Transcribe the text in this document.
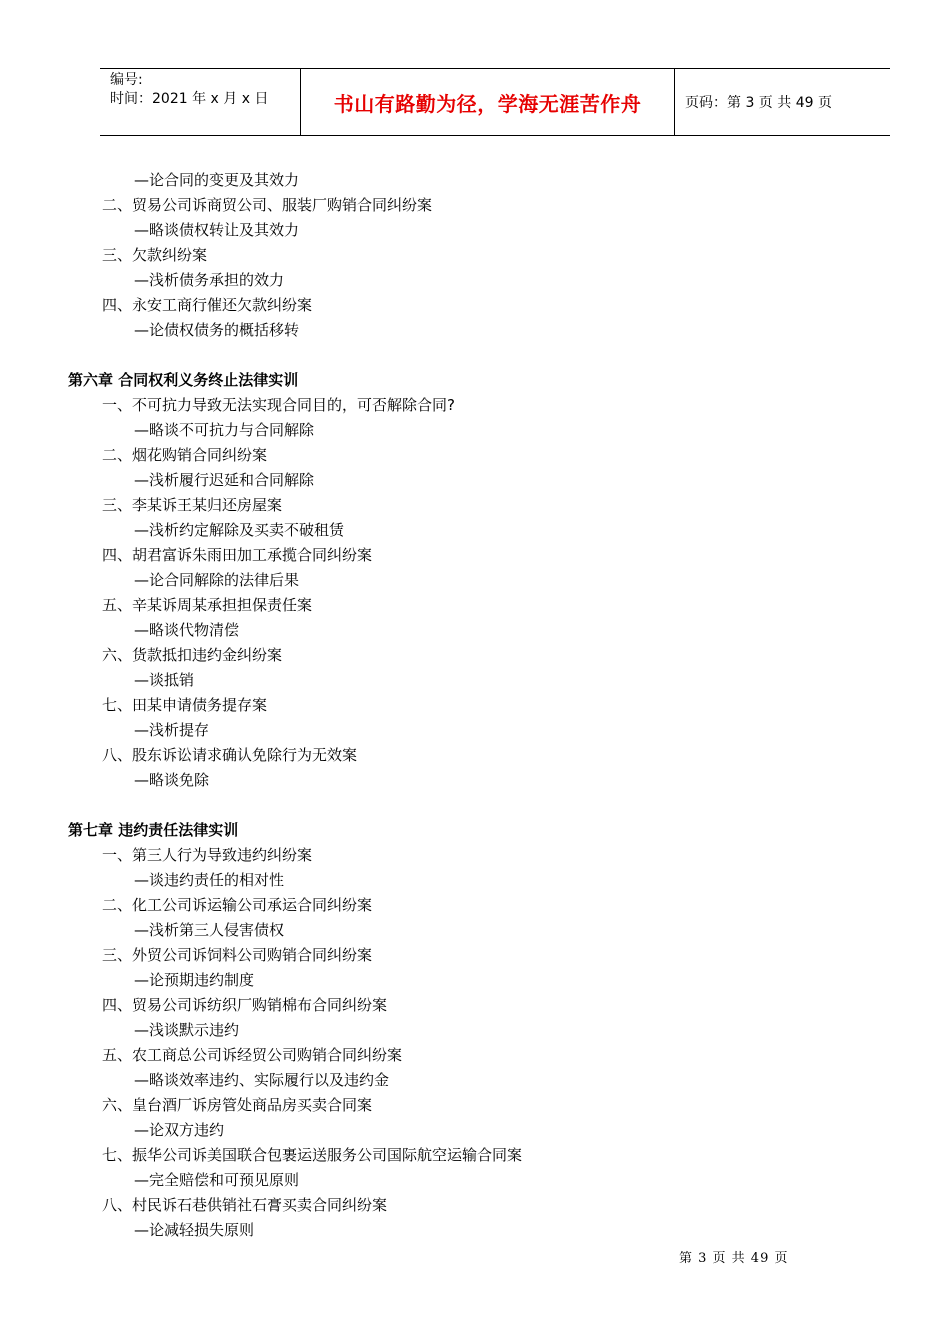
编号:
时间：2021 年 x 月 x 日	书山有路勤为径，学海无涯苦作舟	页码：第 3 页 共 49 页
—论合同的变更及其效力
二、贸易公司诉商贸公司、服装厂购销合同纠纷案
—略谈债权转让及其效力
三、欠款纠纷案
—浅析债务承担的效力
四、永安工商行催还欠款纠纷案
—论债权债务的概括移转
第六章 合同权利义务终止法律实训
一、不可抗力导致无法实现合同目的，可否解除合同?
—略谈不可抗力与合同解除
二、烟花购销合同纠纷案
—浅析履行迟延和合同解除
三、李某诉王某归还房屋案
—浅析约定解除及买卖不破租赁
四、胡君富诉朱雨田加工承揽合同纠纷案
—论合同解除的法律后果
五、辛某诉周某承担担保责任案
—略谈代物清偿
六、货款抵扣违约金纠纷案
—谈抵销
七、田某申请债务提存案
—浅析提存
八、股东诉讼请求确认免除行为无效案
—略谈免除
第七章 违约责任法律实训
一、第三人行为导致违约纠纷案
—谈违约责任的相对性
二、化工公司诉运输公司承运合同纠纷案
—浅析第三人侵害债权
三、外贸公司诉饲料公司购销合同纠纷案
—论预期违约制度
四、贸易公司诉纺织厂购销棉布合同纠纷案
—浅谈默示违约
五、农工商总公司诉经贸公司购销合同纠纷案
—略谈效率违约、实际履行以及违约金
六、皇台酒厂诉房管处商品房买卖合同案
—论双方违约
七、振华公司诉美国联合包裹运送服务公司国际航空运输合同案
—完全赔偿和可预见原则
八、村民诉石巷供销社石膏买卖合同纠纷案
—论减轻损失原则
第 3 页 共 49 页
